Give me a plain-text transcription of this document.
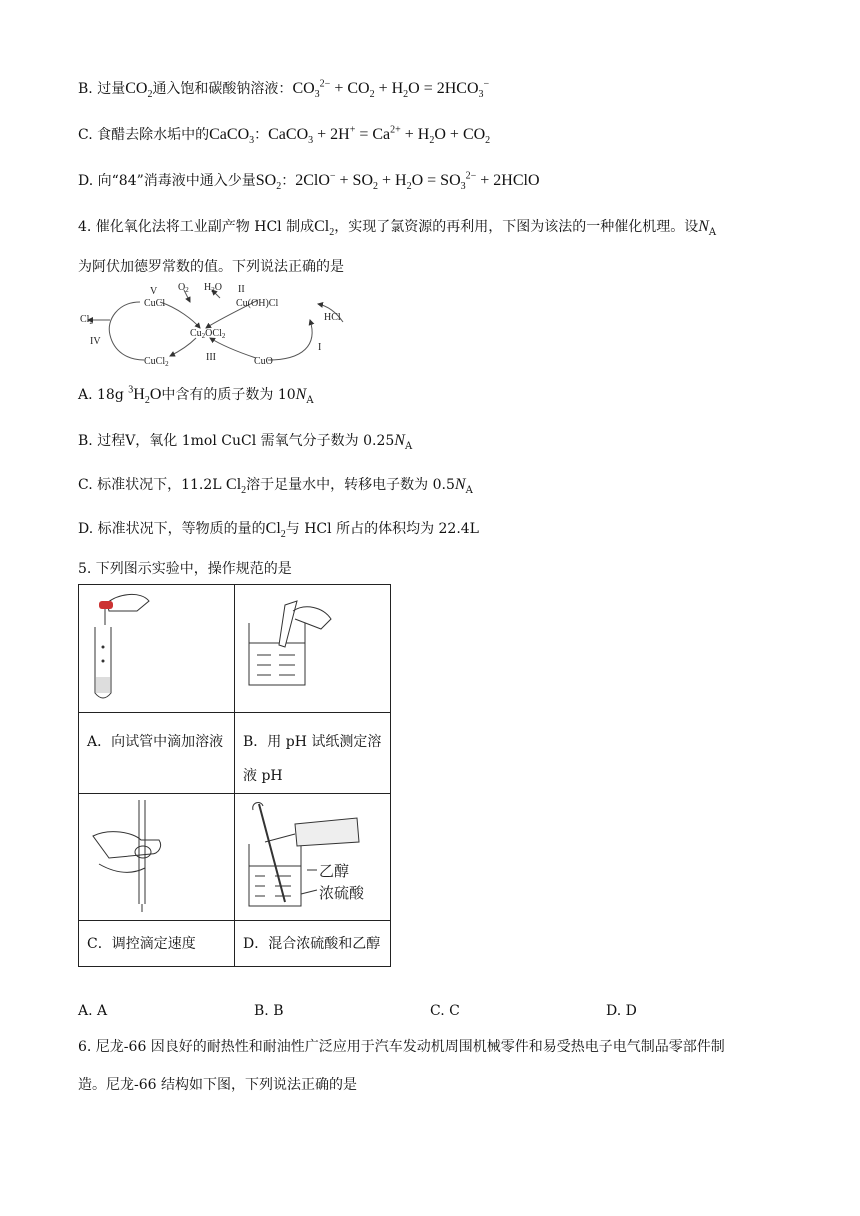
B. 过量$CO_2$通入饱和碳酸钠溶液：$CO_3^{2-} + CO_2 + H_2O = 2HCO_3^-$
C. 食醋去除水垢中的CaCO$_3$：CaCO$_3$ + $2H^+ = Ca^{2+} + H_2O + CO_2$
D. 向“84”消毒液中通入少量$SO_2$：$2ClO^- + SO_2 + H_2O = SO_3^{2-}$ + 2HClO
4. 催化氧化法将工业副产物 HCl 制成$Cl_2$，实现了氯资源的再利用，下图为该法的一种催化机理。设$N_A$
为阿伏加德罗常数的值。下列说法正确的是
V $O_2$ $H_2O$ II
CuCl	Cu(OH)Cl
$Cl_2$	HCl
IV
$Cu_2OCl_2$
I
CuCl$_2$
III	CuO
A. 18g $^3H_2O$中含有的质子数为 $10N_A$
B. 过程Ⅴ，氧化 1mol CuCl 需氧气分子数为 $0.25N_A$
C. 标准状况下，11.2L $Cl_2$溶于足量水中，转移电子数为 $0.5N_A$
D. 标准状况下，等物质的量的$Cl_2$与 HCl 所占的体积均为 22.4L
5. 下列图示实验中，操作规范的是

A．向试管中滴加溶液	B．用 pH 试纸测定溶液 pH

乙醇
浓硫酸

C．调控滴定速度	D．混合浓硫酸和乙醇
A. A	B. B	C. C	D. D
6. 尼龙-66 因良好的耐热性和耐油性广泛应用于汽车发动机周围机械零件和易受热电子电气制品零部件制
造。尼龙-66 结构如下图，下列说法正确的是
